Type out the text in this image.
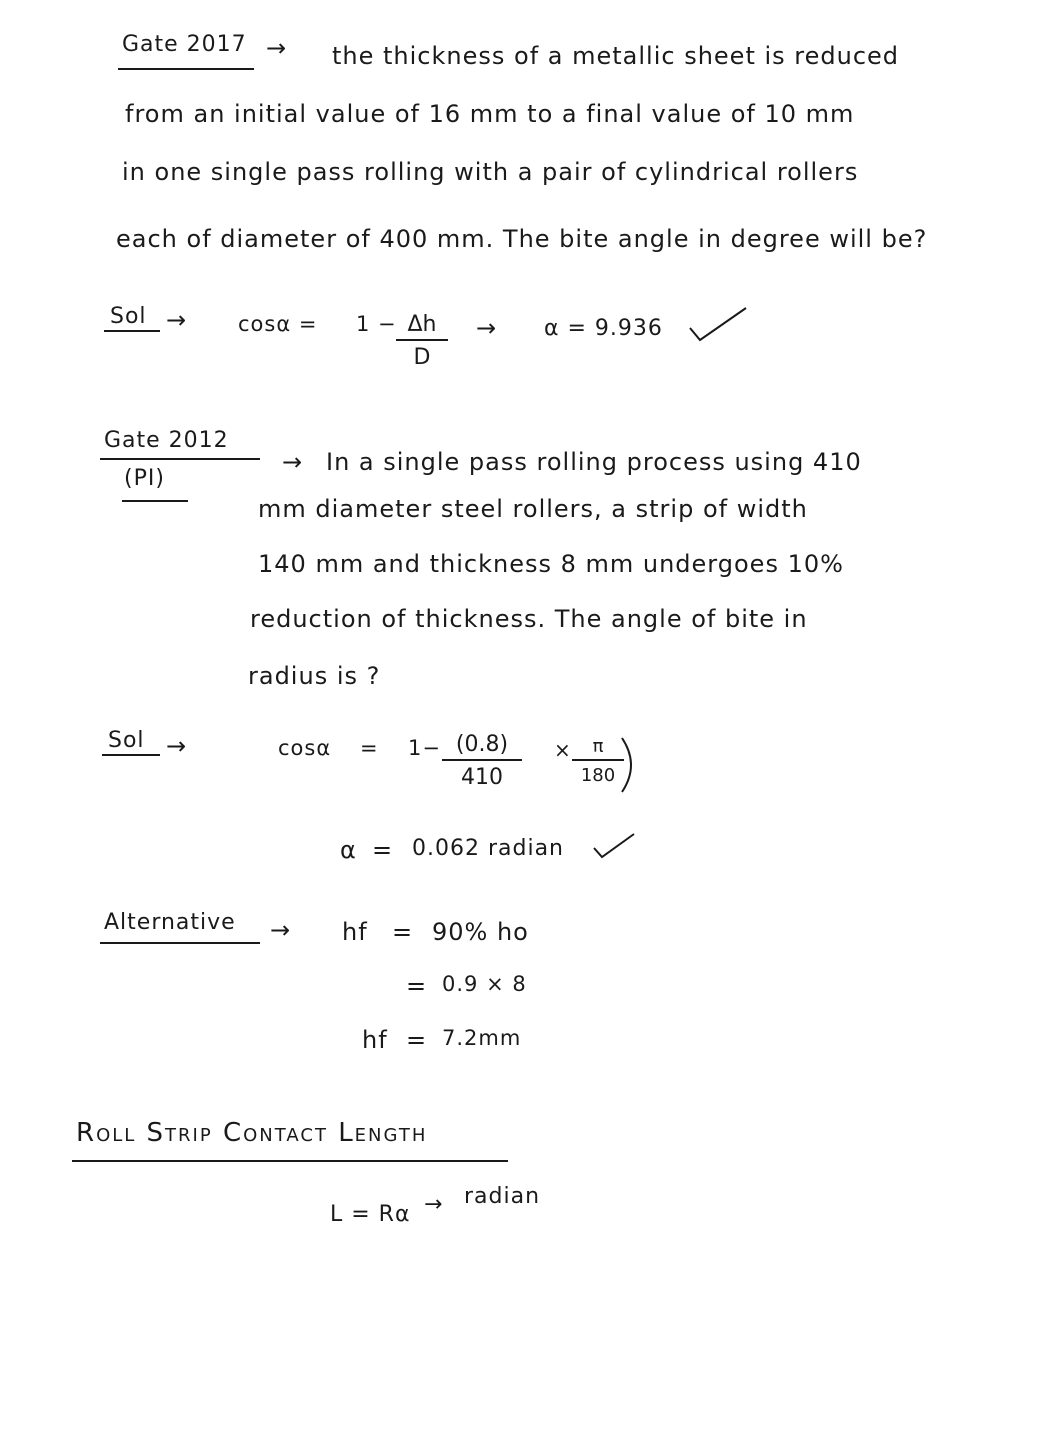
Gate 2017 → the thickness of a metallic sheet is reduced
from an initial value of 16 mm to a final value of 10 mm
in one single pass rolling with a pair of cylindrical rollers
each of diameter of 400 mm. The bite angle in degree will be?
Sol → $\cos\alpha = 1 - \frac{\Delta h}{D} \to \alpha = 9.936$
Gate 2012
(PI)
→ In a single pass rolling process using 410
mm diameter steel rollers, a strip of width
140 mm and thickness 8 mm undergoes 10%
reduction of thickness. The angle of bite in
radius is ?
Sol →	$\cos\alpha = 1- \frac{(0.8)}{410} \times \frac{\pi}{180}$
α = 0.062 radian
Alternative → hf = 90% ho
= 0.9 × 8
hf = 7.2mm
Roll Strip Contact Length
L = Rα → radian
